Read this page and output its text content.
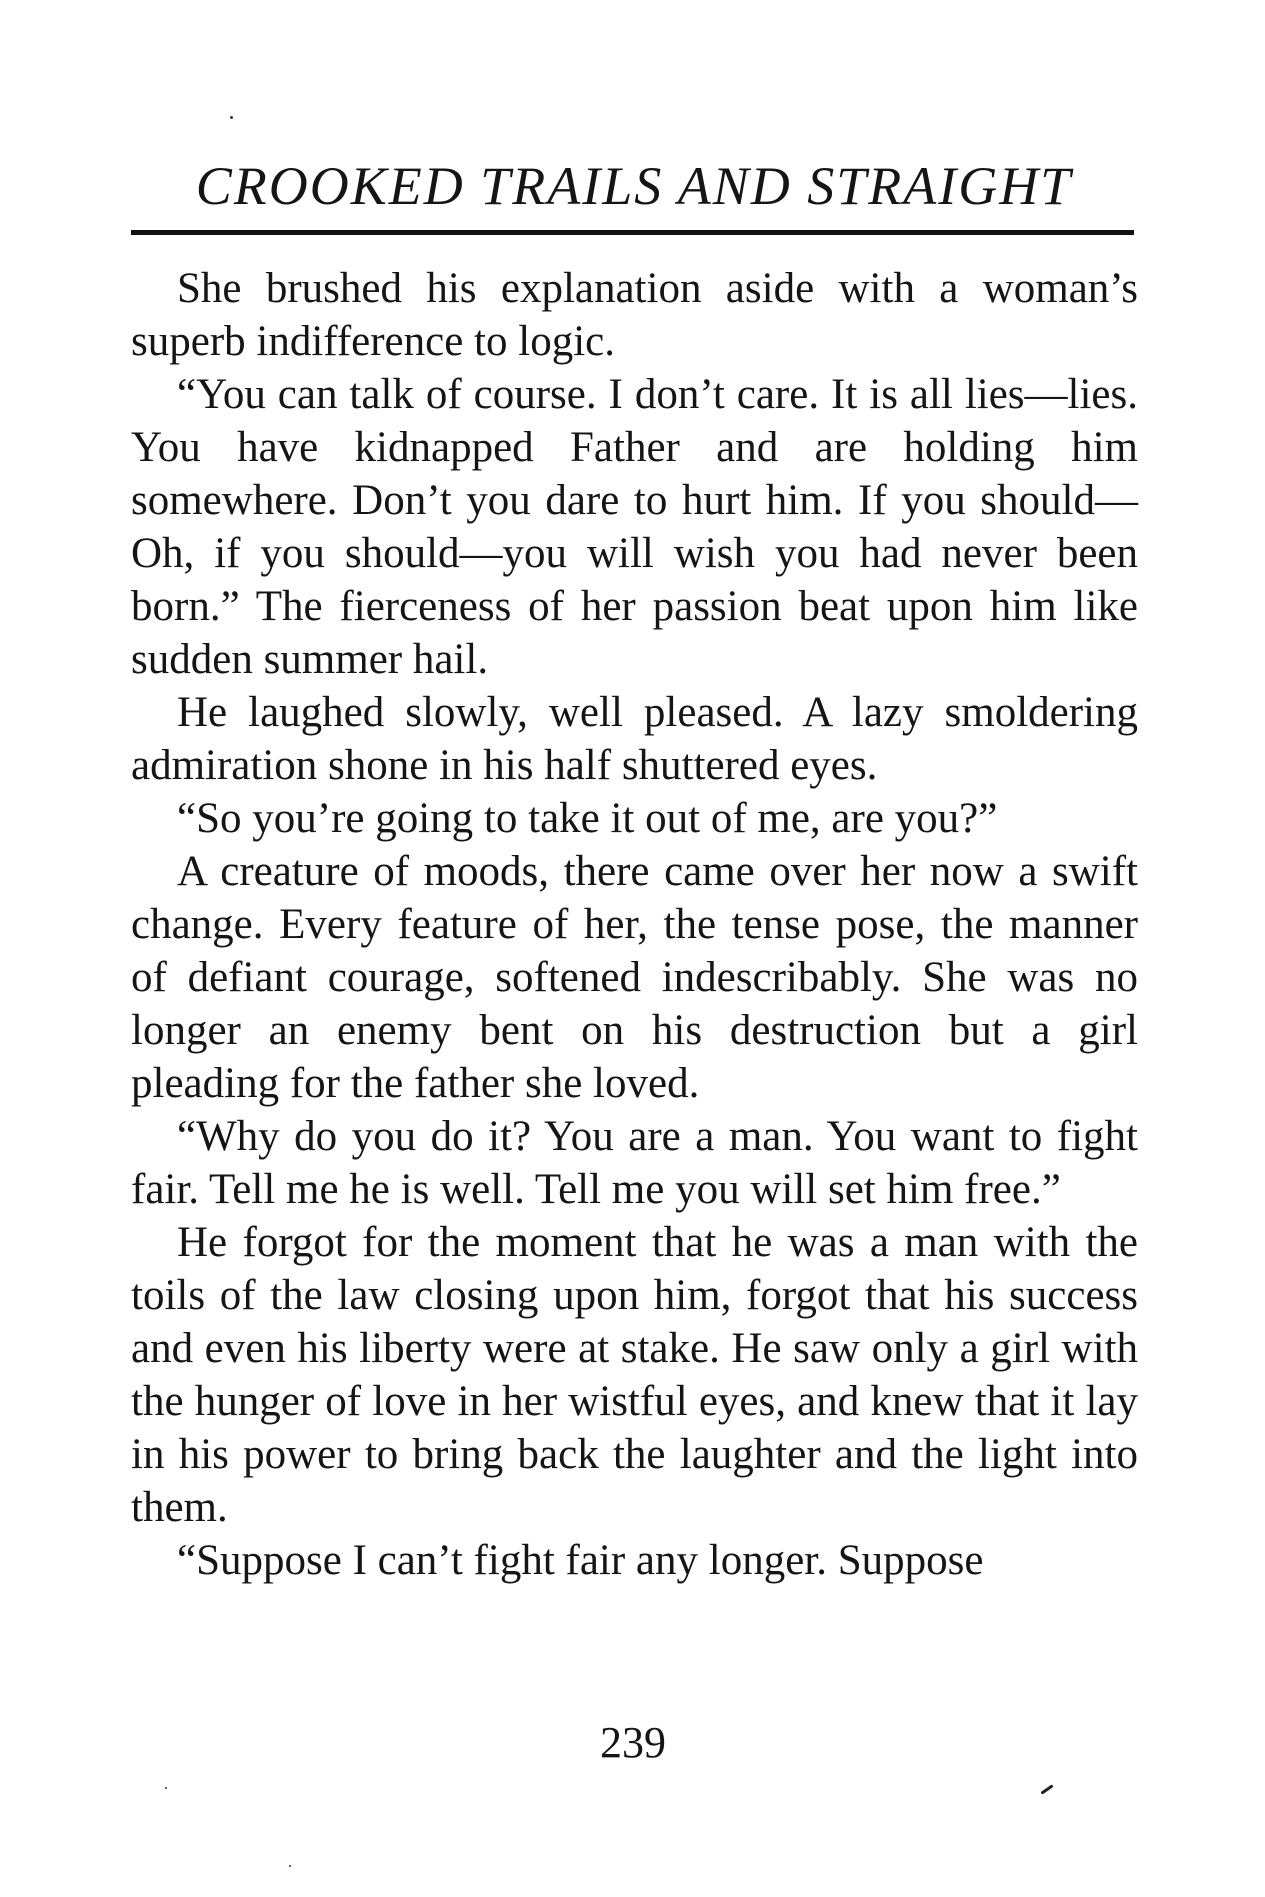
CROOKED TRAILS AND STRAIGHT

She brushed his explanation aside with a woman’s superb indifference to logic.

“You can talk of course. I don’t care. It is all lies—lies. You have kidnapped Father and are holding him somewhere. Don’t you dare to hurt him. If you should—Oh, if you should—you will wish you had never been born.” The fierceness of her passion beat upon him like sudden summer hail.

He laughed slowly, well pleased. A lazy smoldering admiration shone in his half shuttered eyes.

“So you’re going to take it out of me, are you?”

A creature of moods, there came over her now a swift change. Every feature of her, the tense pose, the manner of defiant courage, softened indescribably. She was no longer an enemy bent on his destruction but a girl pleading for the father she loved.

“Why do you do it? You are a man. You want to fight fair. Tell me he is well. Tell me you will set him free.”

He forgot for the moment that he was a man with the toils of the law closing upon him, forgot that his success and even his liberty were at stake. He saw only a girl with the hunger of love in her wistful eyes, and knew that it lay in his power to bring back the laughter and the light into them.

“Suppose I can’t fight fair any longer. Suppose

239
